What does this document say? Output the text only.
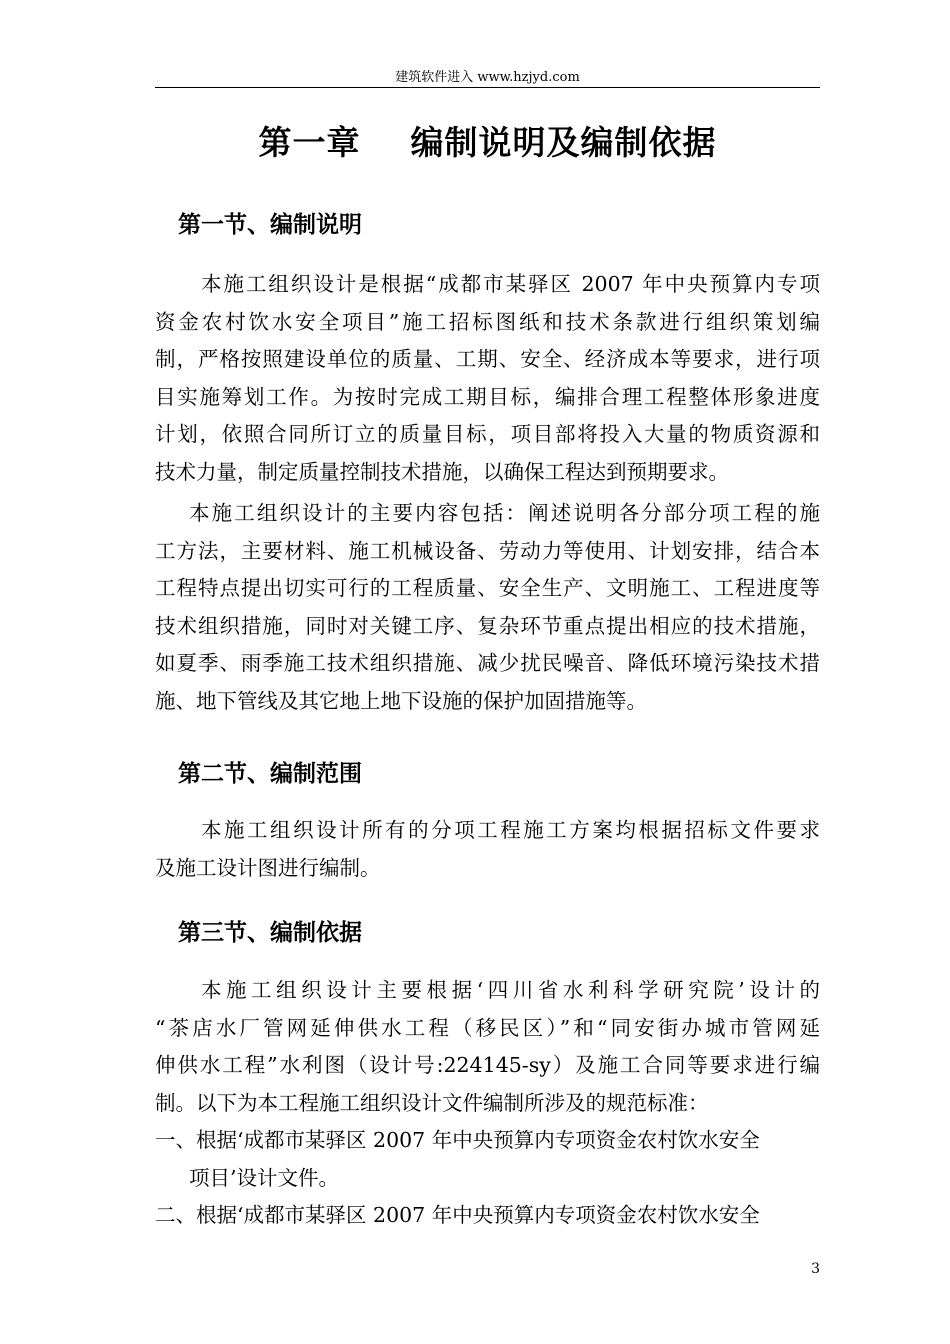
建筑软件进入 www.hzjyd.com
第一章    编制说明及编制依据
第一节、编制说明
本施工组织设计是根据“成都市某驿区 2007 年中央预算内专项
资金农村饮水安全项目”施工招标图纸和技术条款进行组织策划编
制，严格按照建设单位的质量、工期、安全、经济成本等要求，进行项
目实施筹划工作。为按时完成工期目标，编排合理工程整体形象进度
计划，依照合同所订立的质量目标，项目部将投入大量的物质资源和
技术力量，制定质量控制技术措施，以确保工程达到预期要求。
本施工组织设计的主要内容包括：阐述说明各分部分项工程的施
工方法，主要材料、施工机械设备、劳动力等使用、计划安排，结合本
工程特点提出切实可行的工程质量、安全生产、文明施工、工程进度等
技术组织措施，同时对关键工序、复杂环节重点提出相应的技术措施，
如夏季、雨季施工技术组织措施、减少扰民噪音、降低环境污染技术措
施、地下管线及其它地上地下设施的保护加固措施等。
第二节、编制范围
本施工组织设计所有的分项工程施工方案均根据招标文件要求
及施工设计图进行编制。
第三节、编制依据
本施工组织设计主要根据‘四川省水利科学研究院’设计的
“茶店水厂管网延伸供水工程（移民区）”和“同安街办城市管网延
伸供水工程”水利图（设计号:224145-sy）及施工合同等要求进行编
制。以下为本工程施工组织设计文件编制所涉及的规范标准：
一、根据‘成都市某驿区 2007 年中央预算内专项资金农村饮水安全
项目’设计文件。
二、根据‘成都市某驿区 2007 年中央预算内专项资金农村饮水安全
3
